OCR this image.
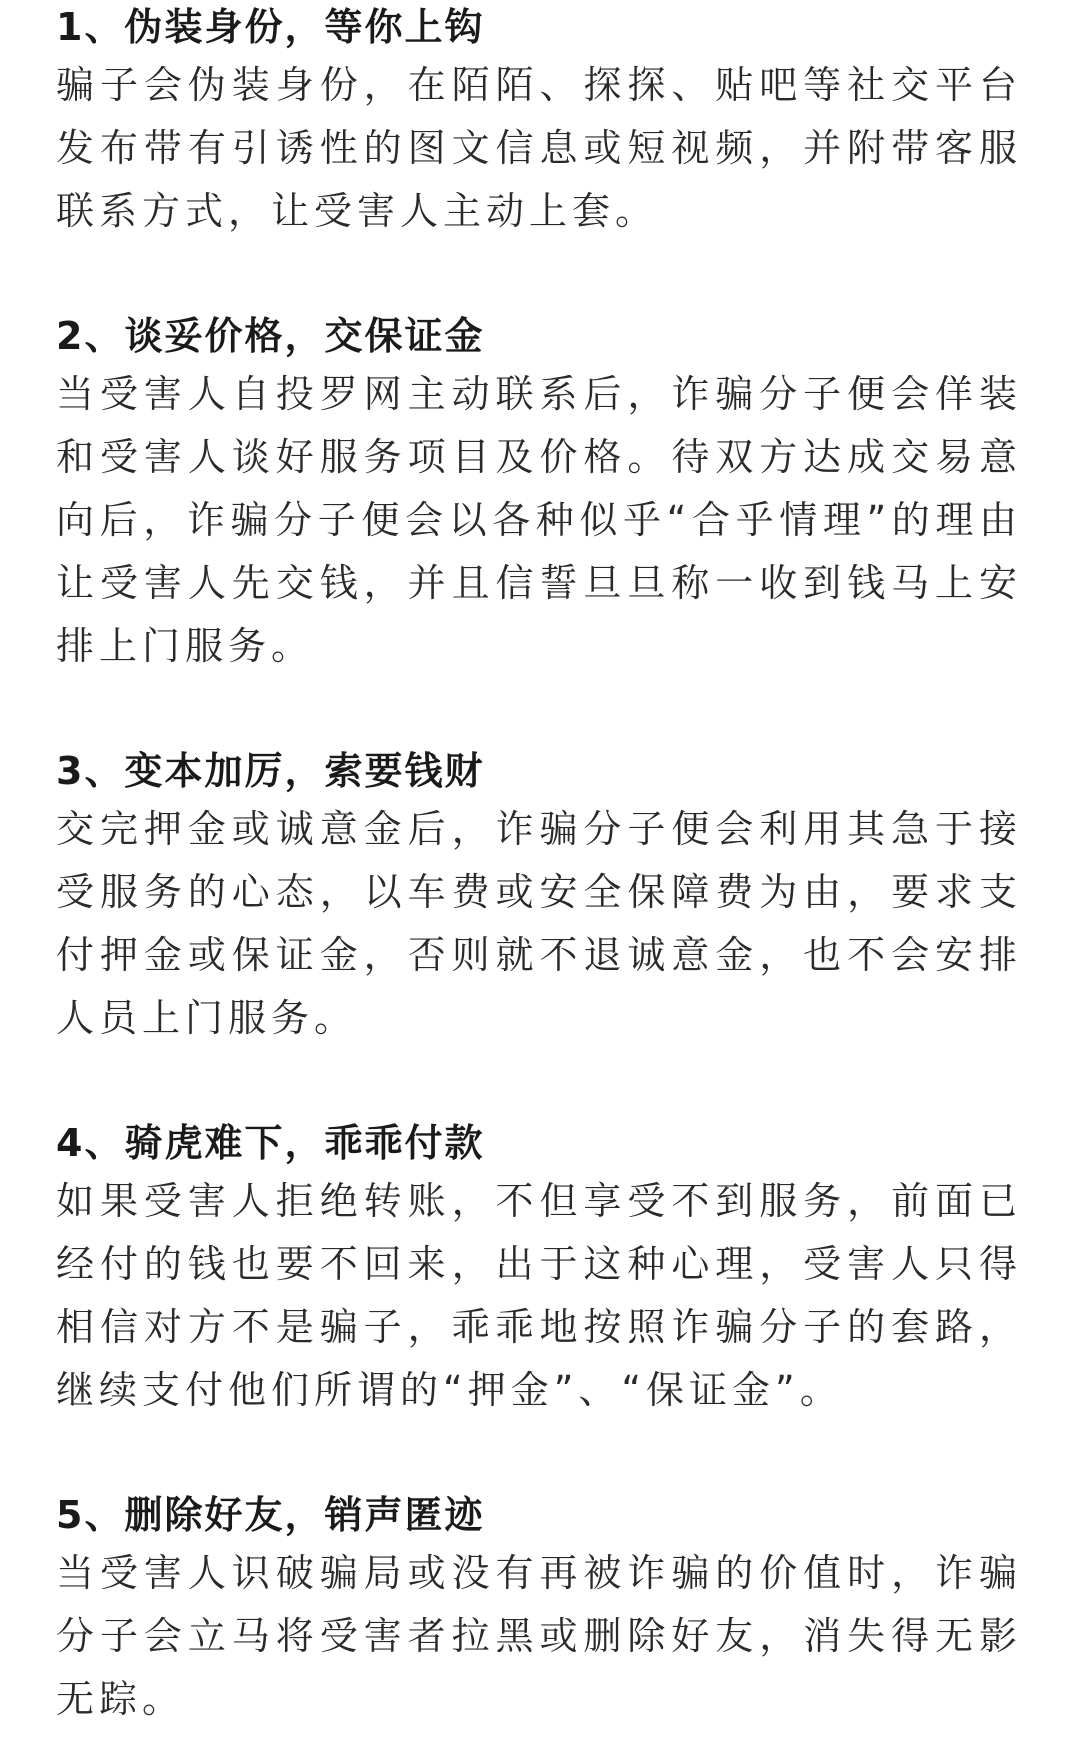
1、伪装身份，等你上钩

骗子会伪装身份，在陌陌、探探、贴吧等社交平台发布带有引诱性的图文信息或短视频，并附带客服联系方式，让受害人主动上套。

2、谈妥价格，交保证金

当受害人自投罗网主动联系后，诈骗分子便会佯装和受害人谈好服务项目及价格。待双方达成交易意向后，诈骗分子便会以各种似乎“合乎情理”的理由让受害人先交钱，并且信誓旦旦称一收到钱马上安排上门服务。

3、变本加厉，索要钱财

交完押金或诚意金后，诈骗分子便会利用其急于接受服务的心态，以车费或安全保障费为由，要求支付押金或保证金，否则就不退诚意金，也不会安排人员上门服务。

4、骑虎难下，乖乖付款

如果受害人拒绝转账，不但享受不到服务，前面已经付的钱也要不回来，出于这种心理，受害人只得相信对方不是骗子，乖乖地按照诈骗分子的套路，继续支付他们所谓的“押金”、“保证金”。

5、删除好友，销声匿迹

当受害人识破骗局或没有再被诈骗的价值时，诈骗分子会立马将受害者拉黑或删除好友，消失得无影无踪。
